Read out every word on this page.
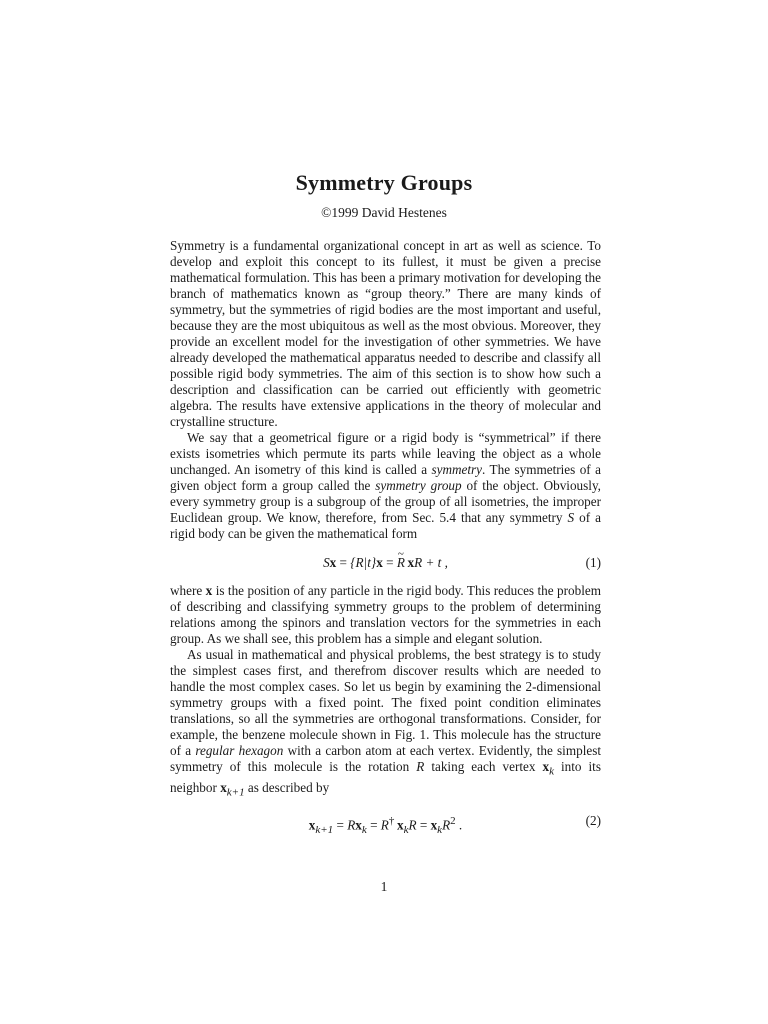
Symmetry Groups
©1999 David Hestenes

Symmetry is a fundamental organizational concept in art as well as science. To develop and exploit this concept to its fullest, it must be given a precise mathematical formulation. This has been a primary motivation for developing the branch of mathematics known as “group theory.” There are many kinds of symmetry, but the symmetries of rigid bodies are the most important and useful, because they are the most ubiquitous as well as the most obvious. Moreover, they provide an excellent model for the investigation of other symmetries. We have already developed the mathematical apparatus needed to describe and classify all possible rigid body symmetries. The aim of this section is to show how such a description and classification can be carried out efficiently with geometric algebra. The results have extensive applications in the theory of molecular and crystalline structure.

We say that a geometrical figure or a rigid body is “symmetrical” if there exists isometries which permute its parts while leaving the object as a whole unchanged. An isometry of this kind is called a symmetry. The symmetries of a given object form a group called the symmetry group of the object. Obviously, every symmetry group is a subgroup of the group of all isometries, the improper Euclidean group. We know, therefore, from Sec. 5.4 that any symmetry S of a rigid body can be given the mathematical form

Sx = {R|t}x = ~ R  xR + t ,	(1)

where x is the position of any particle in the rigid body. This reduces the problem of describing and classifying symmetry groups to the problem of determining relations among the spinors and translation vectors for the symmetries in each group. As we shall see, this problem has a simple and elegant solution.

As usual in mathematical and physical problems, the best strategy is to study the simplest cases first, and therefrom discover results which are needed to handle the most complex cases. So let us begin by examining the 2-dimensional symmetry groups with a fixed point. The fixed point condition eliminates translations, so all the symmetries are orthogonal transformations. Consider, for example, the benzene molecule shown in Fig. 1. This molecule has the structure of a regular hexagon with a carbon atom at each vertex. Evidently, the simplest symmetry of this molecule is the rotation R taking each vertex $x_k$ into its neighbor $x_{k+1}$ as described by

$x_{k+1} = Rx_k = R^\dagger$  $x_kR = x_kR^2$ .	(2)
1
